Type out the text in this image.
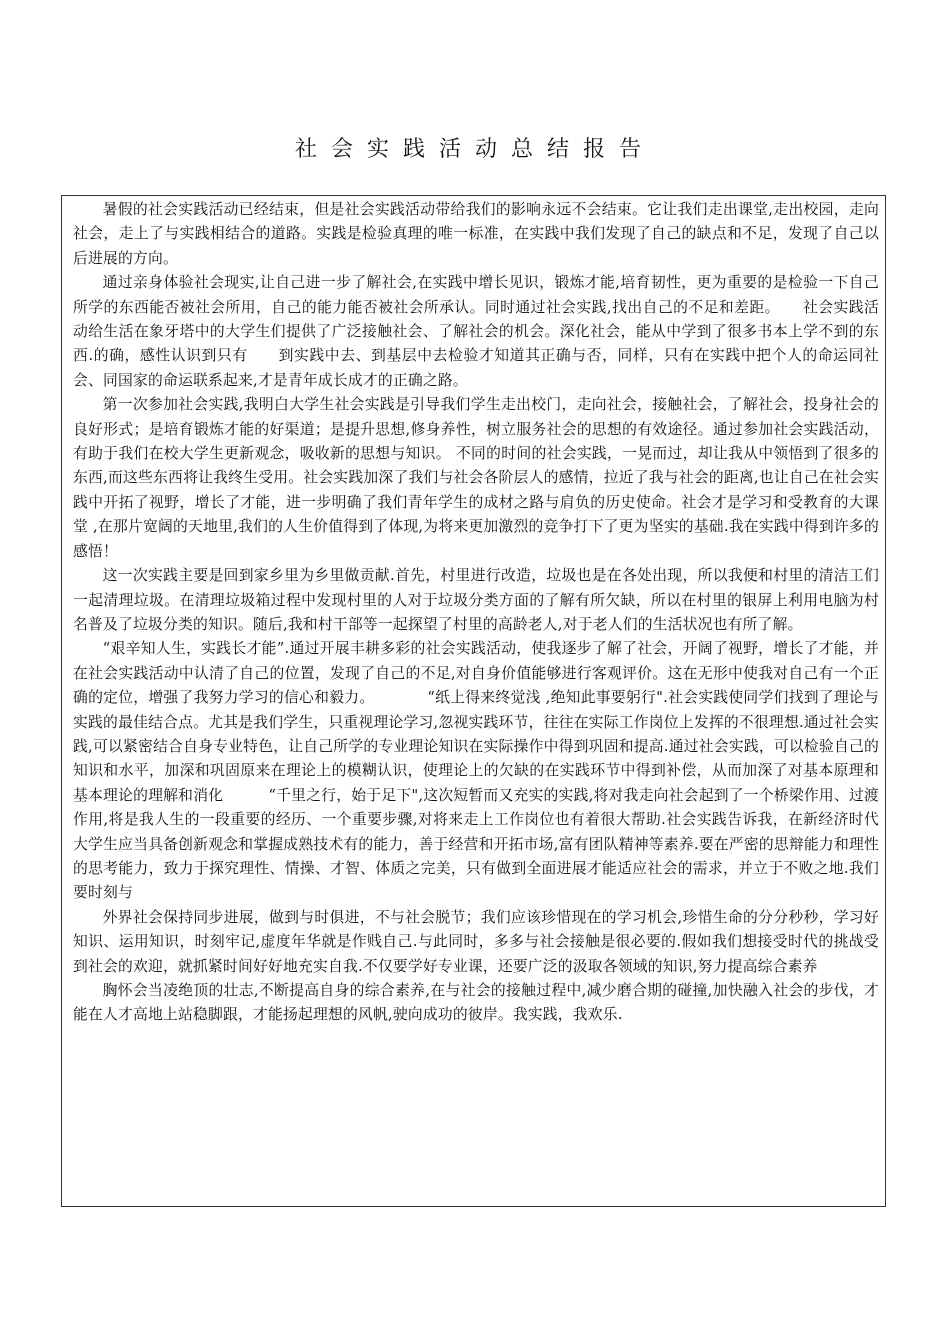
社会实践活动总结报告

暑假的社会实践活动已经结束，但是社会实践活动带给我们的影响永远不会结束。它让我们走出课堂,走出校园，走向社会，走上了与实践相结合的道路。实践是检验真理的唯一标准，在实践中我们发现了自己的缺点和不足，发现了自己以后进展的方向。

通过亲身体验社会现实,让自己进一步了解社会,在实践中增长见识，锻炼才能,培育韧性，更为重要的是检验一下自己所学的东西能否被社会所用，自己的能力能否被社会所承认。同时通过社会实践,找出自己的不足和差距。　　社会实践活动给生活在象牙塔中的大学生们提供了广泛接触社会、了解社会的机会。深化社会，能从中学到了很多书本上学不到的东西.的确，感性认识到只有　　到实践中去、到基层中去检验才知道其正确与否，同样，只有在实践中把个人的命运同社会、同国家的命运联系起来,才是青年成长成才的正确之路。

第一次参加社会实践,我明白大学生社会实践是引导我们学生走出校门，走向社会，接触社会，了解社会，投身社会的良好形式；是培育锻炼才能的好渠道；是提升思想,修身养性，树立服务社会的思想的有效途径。通过参加社会实践活动，有助于我们在校大学生更新观念，吸收新的思想与知识。 不同的时间的社会实践，一晃而过，却让我从中领悟到了很多的东西,而这些东西将让我终生受用。社会实践加深了我们与社会各阶层人的感情，拉近了我与社会的距离,也让自己在社会实践中开拓了视野，增长了才能，进一步明确了我们青年学生的成材之路与肩负的历史使命。社会才是学习和受教育的大课堂 ,在那片宽阔的天地里,我们的人生价值得到了体现,为将来更加激烈的竞争打下了更为坚实的基础.我在实践中得到许多的感悟！

这一次实践主要是回到家乡里为乡里做贡献.首先，村里进行改造，垃圾也是在各处出现，所以我便和村里的清洁工们一起清理垃圾。在清理垃圾箱过程中发现村里的人对于垃圾分类方面的了解有所欠缺，所以在村里的银屏上利用电脑为村名普及了垃圾分类的知识。随后,我和村干部等一起探望了村里的高龄老人,对于老人们的生活状况也有所了解。

“艰辛知人生，实践长才能”.通过开展丰耕多彩的社会实践活动，使我逐步了解了社会，开阔了视野，增长了才能，并在社会实践活动中认清了自己的位置，发现了自己的不足,对自身价值能够进行客观评价。这在无形中使我对自己有一个正确的定位，增强了我努力学习的信心和毅力。　　　　“纸上得来终觉浅 ,绝知此事要躬行".社会实践使同学们找到了理论与实践的最佳结合点。尤其是我们学生，只重视理论学习,忽视实践环节，往往在实际工作岗位上发挥的不很理想.通过社会实践,可以紧密结合自身专业特色，让自己所学的专业理论知识在实际操作中得到巩固和提高.通过社会实践，可以检验自己的知识和水平，加深和巩固原来在理论上的模糊认识，使理论上的欠缺的在实践环节中得到补偿，从而加深了对基本原理和基本理论的理解和消化　　　“千里之行，始于足下",这次短暂而又充实的实践,将对我走向社会起到了一个桥梁作用、过渡作用,将是我人生的一段重要的经历、一个重要步骤,对将来走上工作岗位也有着很大帮助.社会实践告诉我，在新经济时代大学生应当具备创新观念和掌握成熟技术有的能力，善于经营和开拓市场,富有团队精神等素养.要在严密的思辩能力和理性的思考能力，致力于探究理性、情操、才智、体质之完美，只有做到全面进展才能适应社会的需求，并立于不败之地.我们要时刻与

外界社会保持同步进展，做到与时俱进，不与社会脱节；我们应该珍惜现在的学习机会,珍惜生命的分分秒秒，学习好知识、运用知识，时刻牢记,虚度年华就是作贱自己.与此同时，多多与社会接触是很必要的.假如我们想接受时代的挑战受到社会的欢迎，就抓紧时间好好地充实自我.不仅要学好专业课，还要广泛的汲取各领域的知识,努力提高综合素养

胸怀会当凌绝顶的壮志,不断提高自身的综合素养,在与社会的接触过程中,减少磨合期的碰撞,加快融入社会的步伐，才能在人才高地上站稳脚跟，才能扬起理想的风帆,驶向成功的彼岸。我实践，我欢乐.
